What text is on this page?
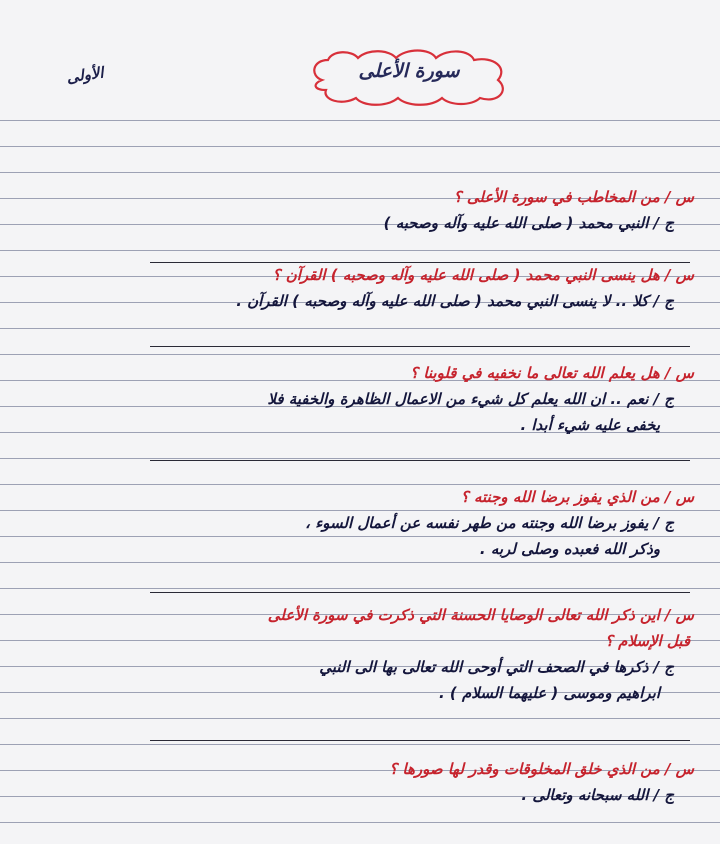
الأولى	سورة الأعلى
س / من المخاطب في سورة الأعلى ؟
ج / النبي محمد ( صلى الله عليه وآله وصحبه )
س / هل ينسى النبي محمد ( صلى الله عليه وآله وصحبه ) القرآن ؟
ج / كلا .. لا ينسى النبي محمد ( صلى الله عليه وآله وصحبه ) القرآن .
س / هل يعلم الله تعالى ما نخفيه في قلوبنا ؟
ج / نعم .. ان الله يعلم كل شيء من الاعمال الظاهرة والخفية فلا
يخفى عليه شيء أبدا .
س / من الذي يفوز برضا الله وجنته ؟
ج / يفوز برضا الله وجنته من طهر نفسه عن أعمال السوء ،
وذكر الله فعبده وصلى لربه .
س / اين ذكر الله تعالى الوصايا الحسنة التي ذكرت في سورة الأعلى
قبل الإسلام ؟
ج / ذكرها في الصحف التي أوحى الله تعالى بها الى النبي
ابراهيم وموسى ( عليهما السلام ) .
س / من الذي خلق المخلوقات وقدر لها صورها ؟
ج / الله سبحانه وتعالى .
